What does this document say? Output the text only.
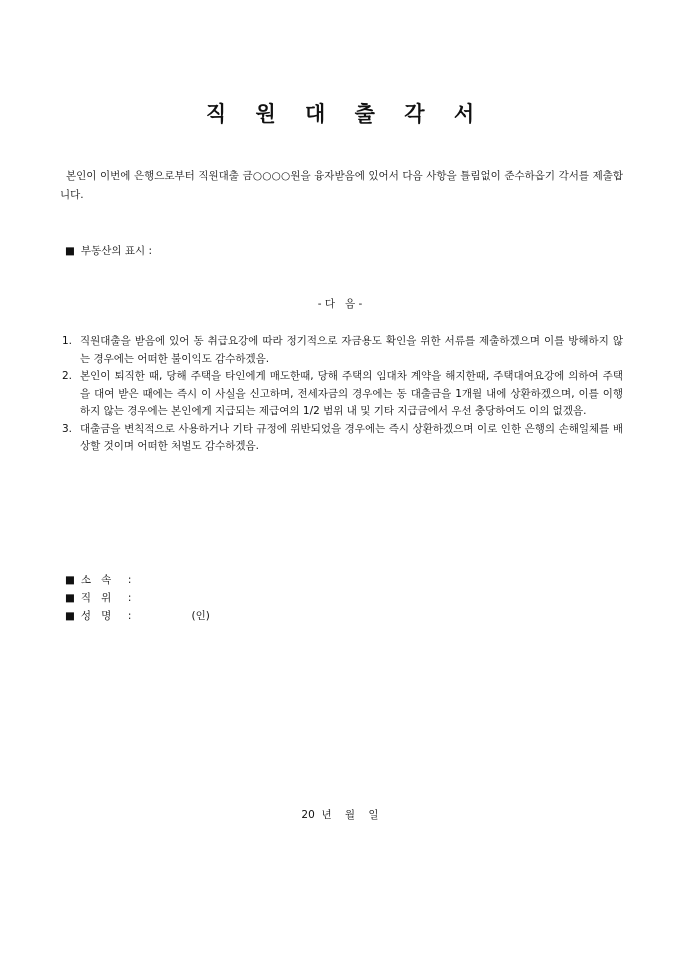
직 원 대 출 각 서

본인이 이번에 은행으로부터 직원대출 금○○○○원을 융자받음에 있어서 다음 사항을 틀림없이 준수하옵기 각서를 제출합니다.

■ 부동산의 표시 :
- 다   음 -
1. 직원대출을 받음에 있어 동 취급요강에 따라 정기적으로 자금용도 확인을 위한 서류를 제출하겠으며 이를 방해하지 않는 경우에는 어떠한 불이익도 감수하겠음.
2. 본인이 퇴직한 때, 당해 주택을 타인에게 매도한때, 당해 주택의 임대차 계약을 해지한때, 주택대여요강에 의하여 주택을 대여 받은 때에는 즉시 이 사실을 신고하며, 전세자금의 경우에는 동 대출금을 1개월 내에 상환하겠으며, 이를 이행하지 않는 경우에는 본인에게 지급되는 제급여의 1/2 범위 내 및 기타 지급금에서 우선 충당하여도 이의 없겠음.
3. 대출금을 변칙적으로 사용하거나 기타 규정에 위반되었을 경우에는 즉시 상환하겠으며 이로 인한 은행의 손해일체를 배상할 것이며 어떠한 처벌도 감수하겠음.
■ 소   속 :
■ 직   위 :
■ 성   명 :	(인)
20  년    월    일
